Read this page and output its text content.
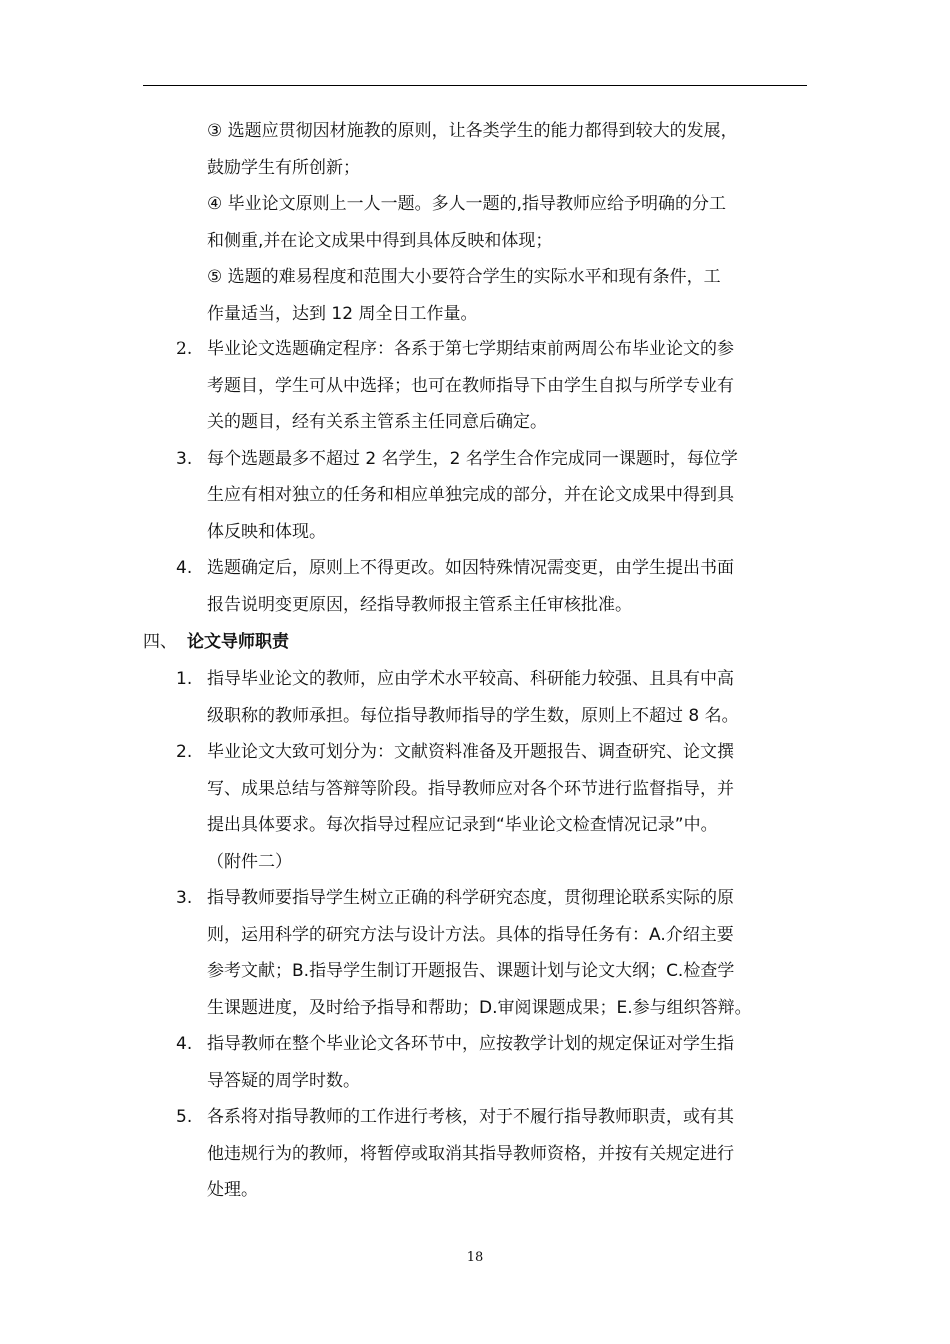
③ 选题应贯彻因材施教的原则，让各类学生的能力都得到较大的发展，
鼓励学生有所创新；
④ 毕业论文原则上一人一题。多人一题的,指导教师应给予明确的分工
和侧重,并在论文成果中得到具体反映和体现；
⑤ 选题的难易程度和范围大小要符合学生的实际水平和现有条件，工
作量适当，达到 12 周全日工作量。
2. 毕业论文选题确定程序：各系于第七学期结束前两周公布毕业论文的参
考题目，学生可从中选择；也可在教师指导下由学生自拟与所学专业有
关的题目，经有关系主管系主任同意后确定。
3. 每个选题最多不超过 2 名学生，2 名学生合作完成同一课题时，每位学
生应有相对独立的任务和相应单独完成的部分，并在论文成果中得到具
体反映和体现。
4. 选题确定后，原则上不得更改。如因特殊情况需变更，由学生提出书面
报告说明变更原因，经指导教师报主管系主任审核批准。
四、 论文导师职责
1. 指导毕业论文的教师，应由学术水平较高、科研能力较强、且具有中高
级职称的教师承担。每位指导教师指导的学生数，原则上不超过 8 名。
2. 毕业论文大致可划分为：文献资料准备及开题报告、调查研究、论文撰
写、成果总结与答辩等阶段。指导教师应对各个环节进行监督指导，并
提出具体要求。每次指导过程应记录到“毕业论文检查情况记录”中。
（附件二）
3. 指导教师要指导学生树立正确的科学研究态度，贯彻理论联系实际的原
则，运用科学的研究方法与设计方法。具体的指导任务有：A.介绍主要
参考文献；B.指导学生制订开题报告、课题计划与论文大纲；C.检查学
生课题进度，及时给予指导和帮助；D.审阅课题成果；E.参与组织答辩。
4. 指导教师在整个毕业论文各环节中，应按教学计划的规定保证对学生指
导答疑的周学时数。
5. 各系将对指导教师的工作进行考核，对于不履行指导教师职责，或有其
他违规行为的教师，将暂停或取消其指导教师资格，并按有关规定进行
处理。
18
